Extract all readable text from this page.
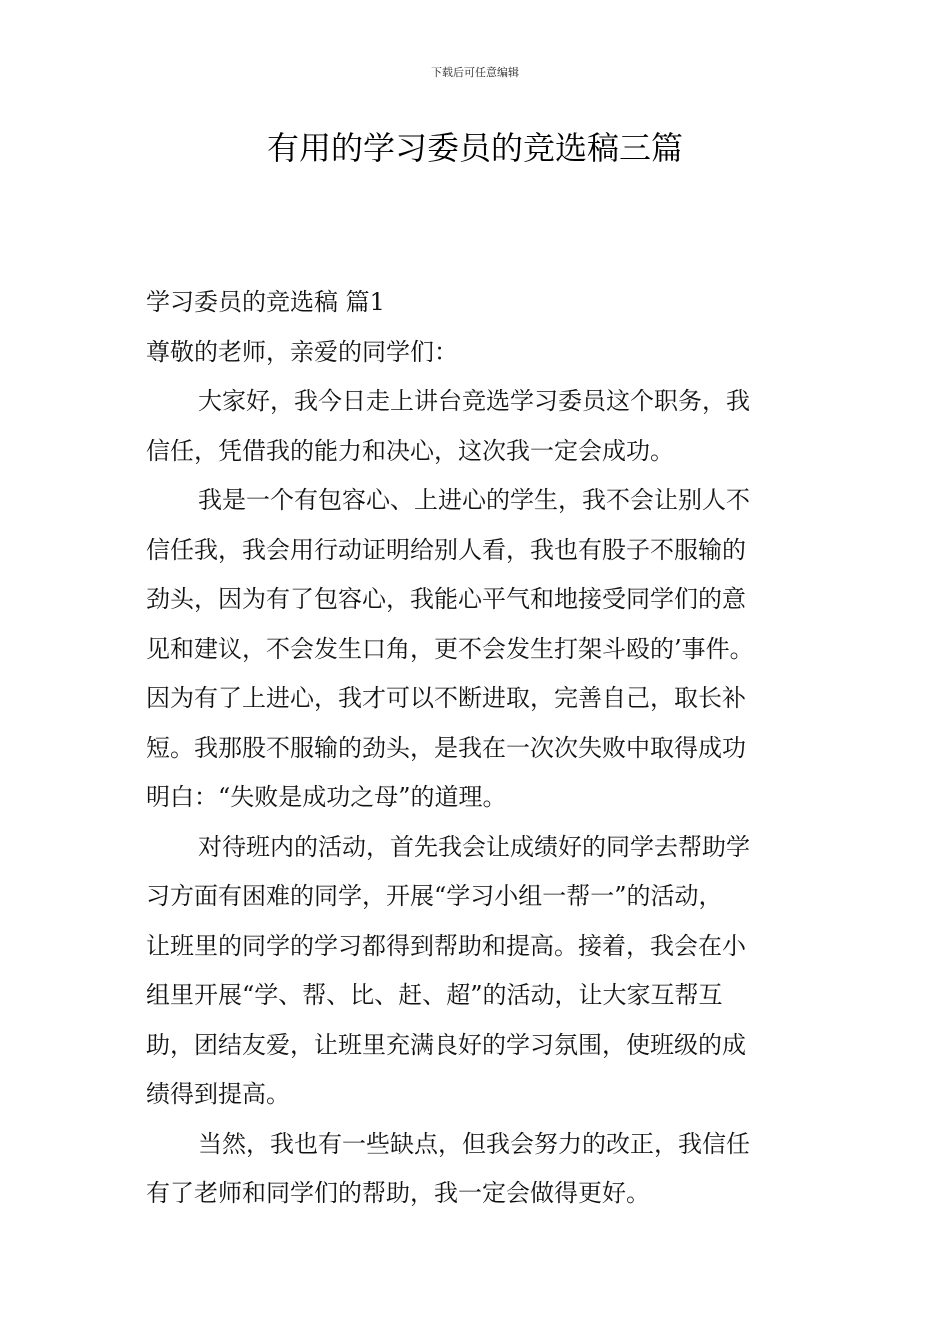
下载后可任意编辑
有用的学习委员的竞选稿三篇

学习委员的竞选稿 篇1

尊敬的老师，亲爱的同学们：

大家好，我今日走上讲台竞选学习委员这个职务，我

信任，凭借我的能力和决心，这次我一定会成功。

我是一个有包容心、上进心的学生，我不会让别人不

信任我，我会用行动证明给别人看，我也有股子不服输的

劲头，因为有了包容心，我能心平气和地接受同学们的意

见和建议，不会发生口角，更不会发生打架斗殴的’事件。

因为有了上进心，我才可以不断进取，完善自己，取长补

短。我那股不服输的劲头，是我在一次次失败中取得成功

明白：“失败是成功之母”的道理。

对待班内的活动，首先我会让成绩好的同学去帮助学

习方面有困难的同学，开展“学习小组一帮一”的活动，

让班里的同学的学习都得到帮助和提高。接着，我会在小

组里开展“学、帮、比、赶、超”的活动，让大家互帮互

助，团结友爱，让班里充满良好的学习氛围，使班级的成

绩得到提高。

当然，我也有一些缺点，但我会努力的改正，我信任

有了老师和同学们的帮助，我一定会做得更好。
